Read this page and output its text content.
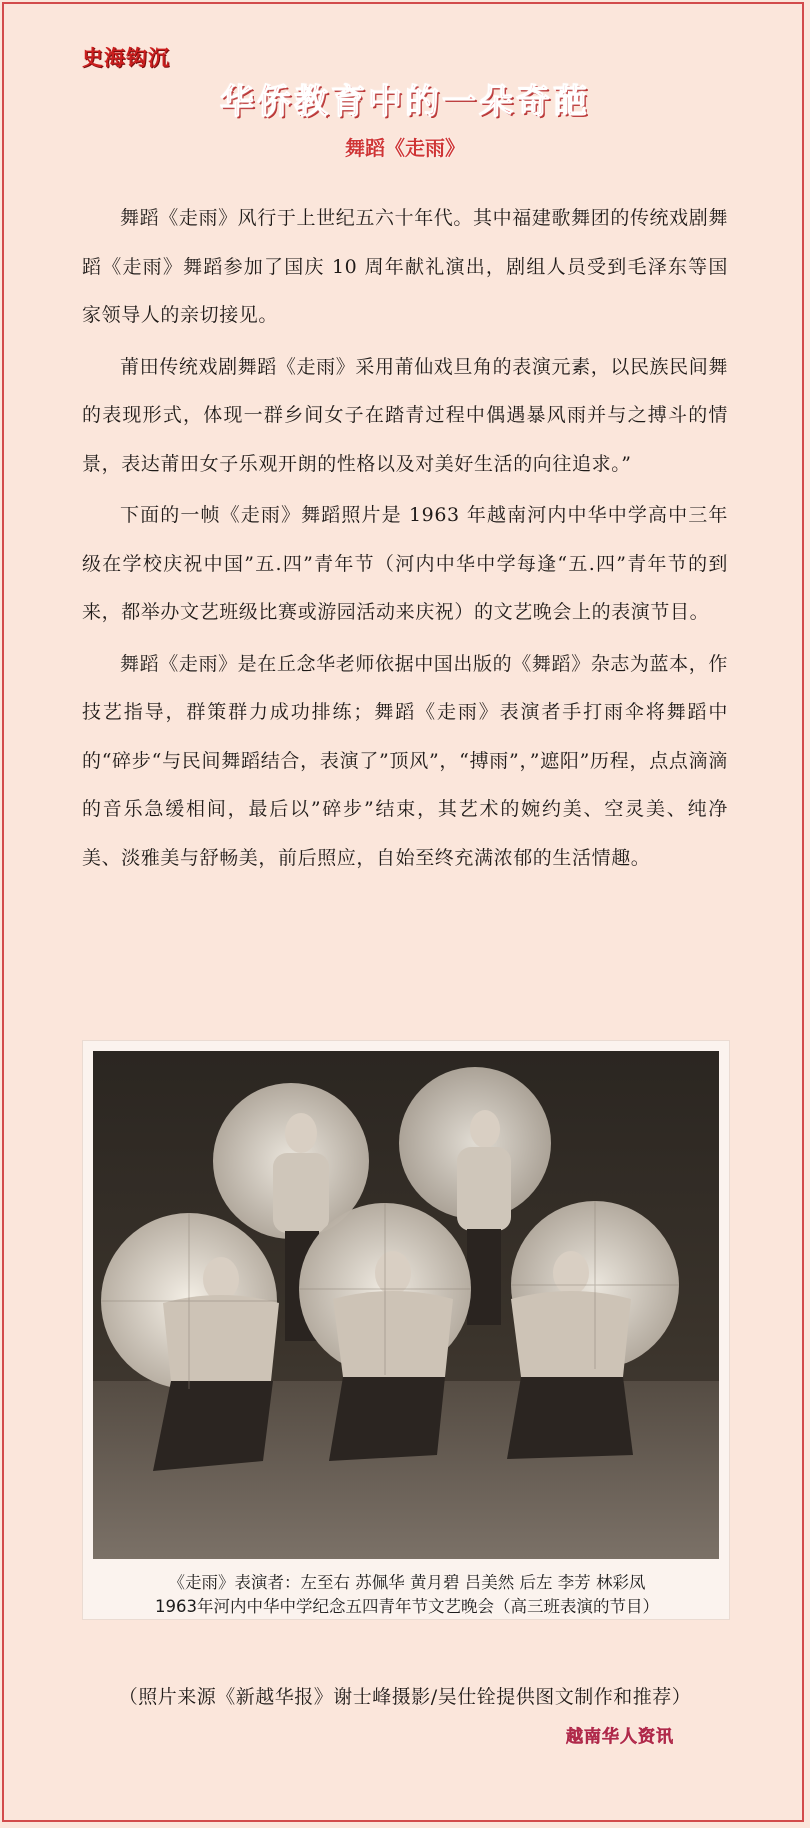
史海钩沉
华侨教育中的一朵奇葩
舞蹈《走雨》

舞蹈《走雨》风行于上世纪五六十年代。其中福建歌舞团的传统戏剧舞蹈《走雨》舞蹈参加了国庆 10 周年献礼演出，剧组人员受到毛泽东等国家领导人的亲切接见。

莆田传统戏剧舞蹈《走雨》采用莆仙戏旦角的表演元素，以民族民间舞的表现形式，体现一群乡间女子在踏青过程中偶遇暴风雨并与之搏斗的情景，表达莆田女子乐观开朗的性格以及对美好生活的向往追求。”

下面的一帧《走雨》舞蹈照片是 1963 年越南河内中华中学高中三年级在学校庆祝中国”五.四”青年节（河内中华中学每逢“五.四”青年节的到来，都举办文艺班级比赛或游园活动来庆祝）的文艺晚会上的表演节目。

舞蹈《走雨》是在丘念华老师依据中国出版的《舞蹈》杂志为蓝本，作技艺指导，群策群力成功排练；舞蹈《走雨》表演者手打雨伞将舞蹈中的“碎步“与民间舞蹈结合，表演了”顶风”，“搏雨”，”遮阳”历程，点点滴滴的音乐急缓相间，最后以”碎步”结束，其艺术的婉约美、空灵美、纯净美、淡雅美与舒畅美，前后照应，自始至终充满浓郁的生活情趣。

《走雨》表演者：左至右 苏佩华 黄月碧 吕美然 后左 李芳 林彩凤
1963年河内中华中学纪念五四青年节文艺晚会（高三班表演的节目）
（照片来源《新越华报》谢士峰摄影/吴仕铨提供图文制作和推荐）
越南华人资讯
